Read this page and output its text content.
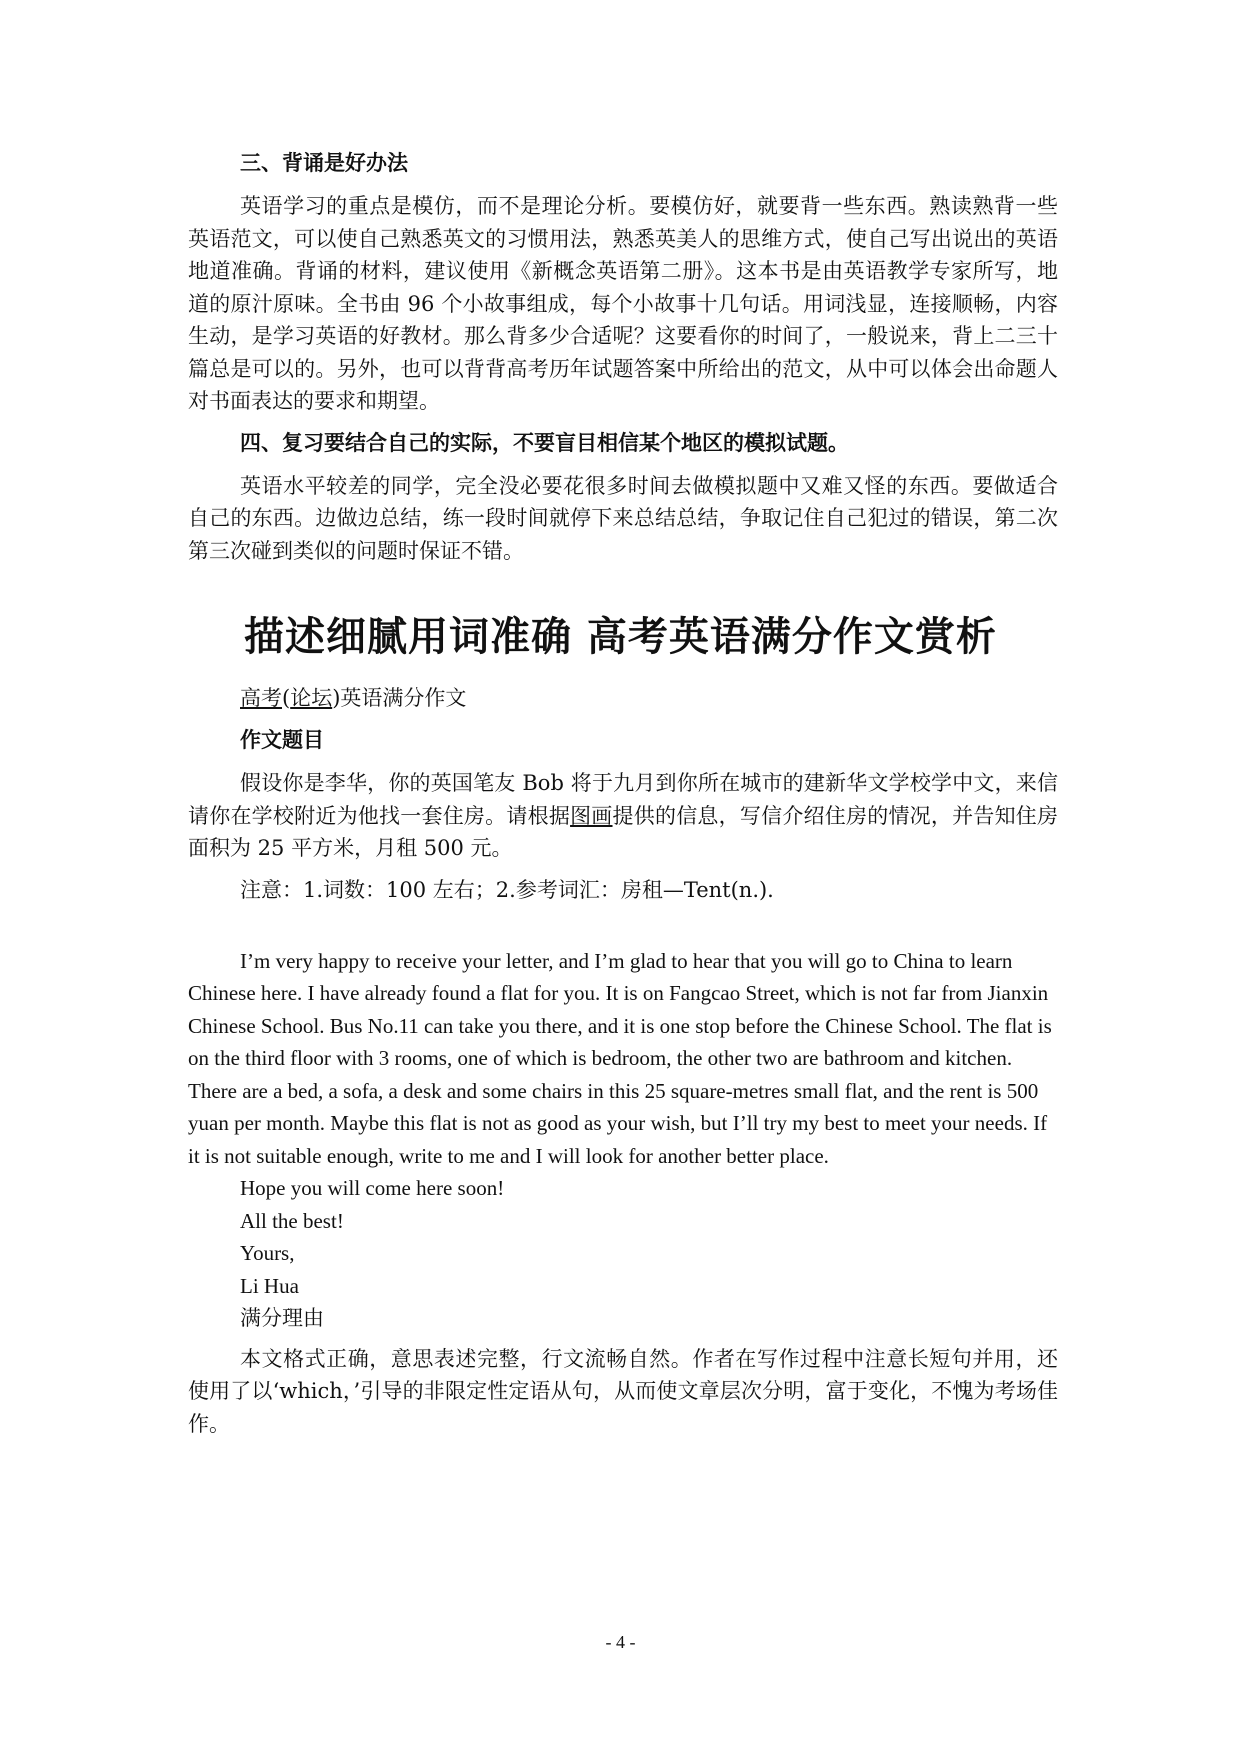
三、背诵是好办法

英语学习的重点是模仿，而不是理论分析。要模仿好，就要背一些东西。熟读熟背一些英语范文，可以使自己熟悉英文的习惯用法，熟悉英美人的思维方式，使自己写出说出的英语地道准确。背诵的材料，建议使用《新概念英语第二册》。这本书是由英语教学专家所写，地道的原汁原味。全书由 96 个小故事组成，每个小故事十几句话。用词浅显，连接顺畅，内容生动，是学习英语的好教材。那么背多少合适呢？这要看你的时间了，一般说来，背上二三十篇总是可以的。另外，也可以背背高考历年试题答案中所给出的范文，从中可以体会出命题人对书面表达的要求和期望。

四、复习要结合自己的实际，不要盲目相信某个地区的模拟试题。

英语水平较差的同学，完全没必要花很多时间去做模拟题中又难又怪的东西。要做适合自己的东西。边做边总结，练一段时间就停下来总结总结，争取记住自己犯过的错误，第二次第三次碰到类似的问题时保证不错。

描述细腻用词准确 高考英语满分作文赏析

高考(论坛)英语满分作文

作文题目

假设你是李华，你的英国笔友 Bob 将于九月到你所在城市的建新华文学校学中文，来信请你在学校附近为他找一套住房。请根据图画提供的信息，写信介绍住房的情况，并告知住房面积为 25 平方米，月租 500 元。

注意：1.词数：100 左右；2.参考词汇：房租—Tent(n.).

I’m very happy to receive your letter, and I’m glad to hear that you will go to China to learn Chinese here. I have already found a flat for you. It is on Fangcao Street, which is not far from Jianxin Chinese School. Bus No.11 can take you there, and it is one stop before the Chinese School. The flat is on the third floor with 3 rooms, one of which is bedroom, the other two are bathroom and kitchen. There are a bed, a sofa, a desk and some chairs in this 25 square-metres small flat, and the rent is 500 yuan per month. Maybe this flat is not as good as your wish, but I’ll try my best to meet your needs. If it is not suitable enough, write to me and I will look for another better place.

Hope you will come here soon!

All the best!

Yours,

Li Hua

满分理由

本文格式正确，意思表述完整，行文流畅自然。作者在写作过程中注意长短句并用，还使用了以‘which，’引导的非限定性定语从句，从而使文章层次分明，富于变化，不愧为考场佳作。

- 4 -
